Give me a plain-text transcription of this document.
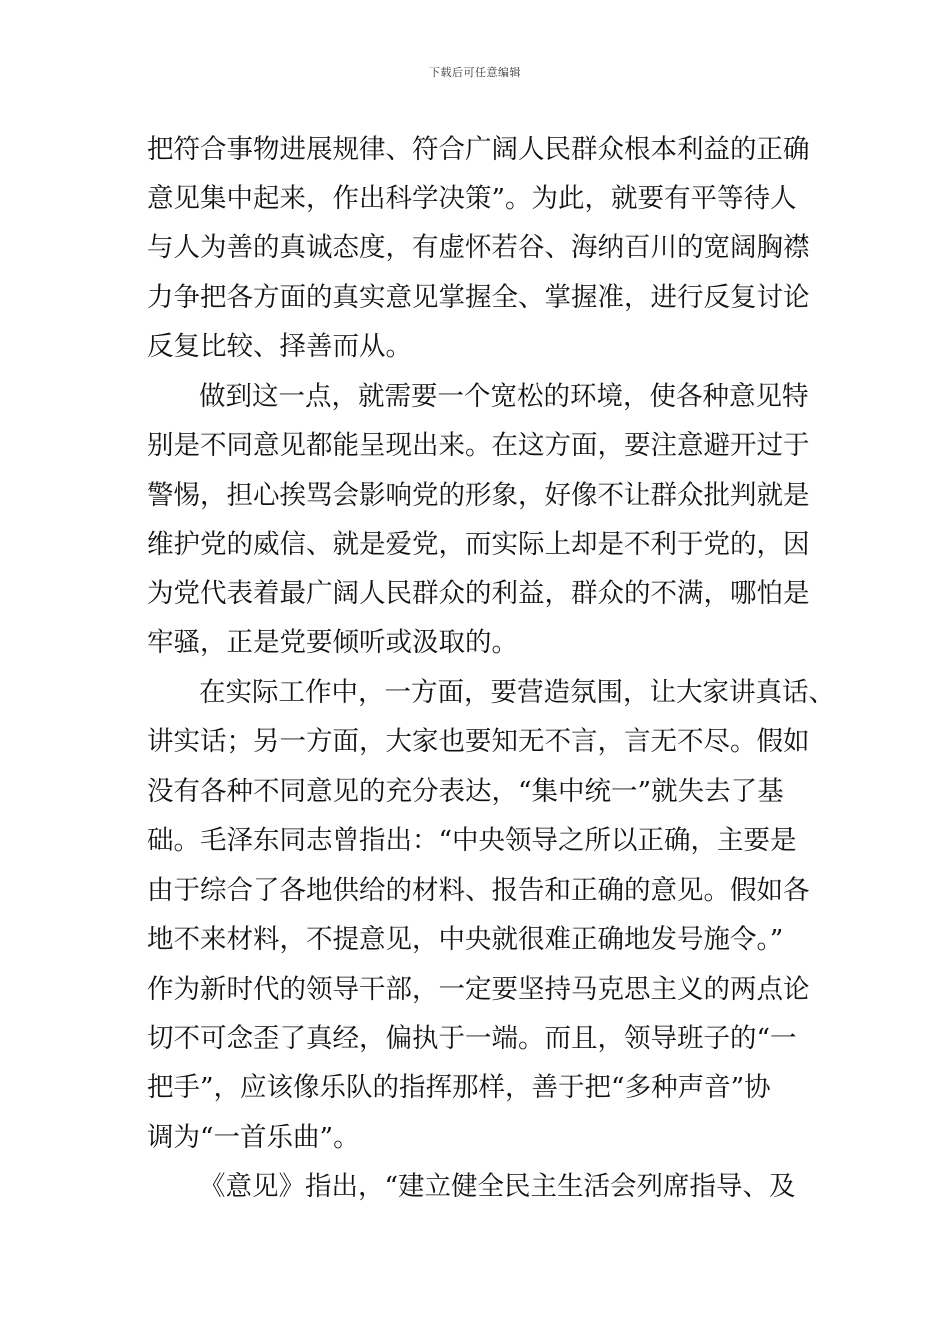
下载后可任意编辑
把符合事物进展规律、符合广阔人民群众根本利益的正确
意见集中起来，作出科学决策”。为此，就要有平等待人
与人为善的真诚态度，有虚怀若谷、海纳百川的宽阔胸襟
力争把各方面的真实意见掌握全、掌握准，进行反复讨论
反复比较、择善而从。
做到这一点，就需要一个宽松的环境，使各种意见特
别是不同意见都能呈现出来。在这方面，要注意避开过于
警惕，担心挨骂会影响党的形象，好像不让群众批判就是
维护党的威信、就是爱党，而实际上却是不利于党的，因
为党代表着最广阔人民群众的利益，群众的不满，哪怕是
牢骚，正是党要倾听或汲取的。
在实际工作中，一方面，要营造氛围，让大家讲真话、
讲实话；另一方面，大家也要知无不言，言无不尽。假如
没有各种不同意见的充分表达，“集中统一”就失去了基
础。毛泽东同志曾指出：“中央领导之所以正确，主要是
由于综合了各地供给的材料、报告和正确的意见。假如各
地不来材料，不提意见，中央就很难正确地发号施令。”
作为新时代的领导干部，一定要坚持马克思主义的两点论
切不可念歪了真经，偏执于一端。而且，领导班子的“一
把手”，应该像乐队的指挥那样，善于把“多种声音”协
调为“一首乐曲”。
《意见》指出，“建立健全民主生活会列席指导、及
